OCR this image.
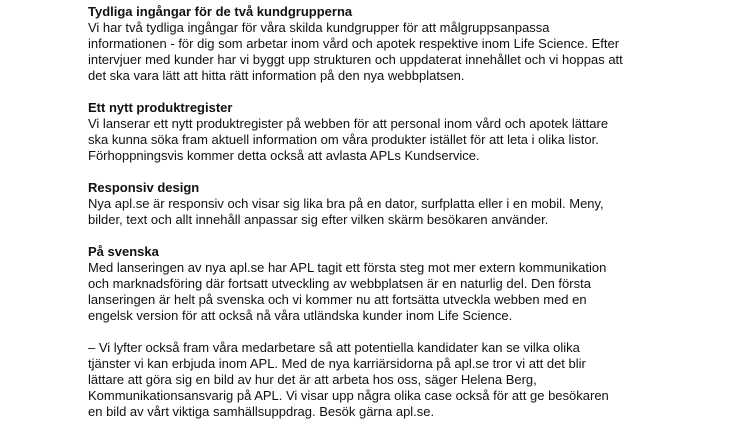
Tydliga ingångar för de två kundgrupperna
Vi har två tydliga ingångar för våra skilda kundgrupper för att målgruppsanpassa
informationen - för dig som arbetar inom vård och apotek respektive inom Life Science. Efter
intervjuer med kunder har vi byggt upp strukturen och uppdaterat innehållet och vi hoppas att
det ska vara lätt att hitta rätt information på den nya webbplatsen.
Ett nytt produktregister
Vi lanserar ett nytt produktregister på webben för att personal inom vård och apotek lättare
ska kunna söka fram aktuell information om våra produkter istället för att leta i olika listor.
Förhoppningsvis kommer detta också att avlasta APLs Kundservice.
Responsiv design
Nya apl.se är responsiv och visar sig lika bra på en dator, surfplatta eller i en mobil. Meny,
bilder, text och allt innehåll anpassar sig efter vilken skärm besökaren använder.
På svenska
Med lanseringen av nya apl.se har APL tagit ett första steg mot mer extern kommunikation
och marknadsföring där fortsatt utveckling av webbplatsen är en naturlig del. Den första
lanseringen är helt på svenska och vi kommer nu att fortsätta utveckla webben med en
engelsk version för att också nå våra utländska kunder inom Life Science.
– Vi lyfter också fram våra medarbetare så att potentiella kandidater kan se vilka olika
tjänster vi kan erbjuda inom APL. Med de nya karriärsidorna på apl.se tror vi att det blir
lättare att göra sig en bild av hur det är att arbeta hos oss, säger Helena Berg,
Kommunikationsansvarig på APL. Vi visar upp några olika case också för att ge besökaren
en bild av vårt viktiga samhällsuppdrag. Besök gärna apl.se.
